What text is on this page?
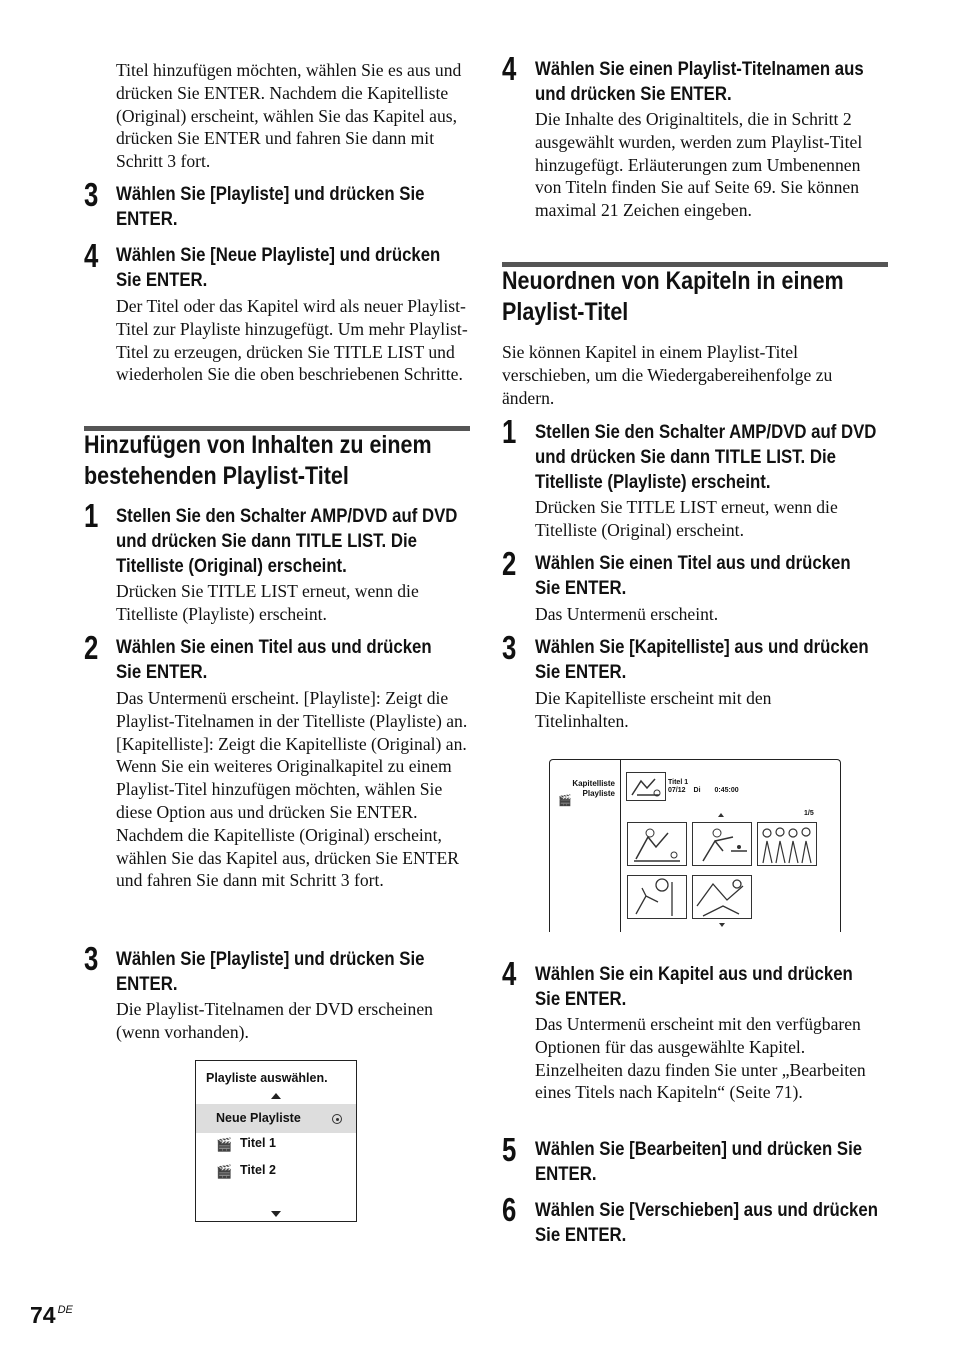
Titel hinzufügen möchten, wählen Sie es aus und drücken Sie ENTER. Nachdem die Kapitelliste (Original) erscheint, wählen Sie das Kapitel aus, drücken Sie ENTER und fahren Sie dann mit Schritt 3 fort.

3 Wählen Sie [Playliste] und drücken Sie
ENTER.
4 Wählen Sie [Neue Playliste] und drücken
Sie ENTER.

Der Titel oder das Kapitel wird als neuer Playlist-Titel zur Playliste hinzugefügt. Um mehr Playlist-Titel zu erzeugen, drücken Sie TITLE LIST und wiederholen Sie die oben beschriebenen Schritte.

Hinzufügen von Inhalten zu einem
bestehenden Playlist-Titel
1 Stellen Sie den Schalter AMP/DVD auf DVD
und drücken Sie dann TITLE LIST. Die
Titelliste (Original) erscheint.

Drücken Sie TITLE LIST erneut, wenn die Titelliste (Playliste) erscheint.

2 Wählen Sie einen Titel aus und drücken
Sie ENTER.

Das Untermenü erscheint. [Playliste]: Zeigt die Playlist-Titelnamen in der Titelliste (Playliste) an. [Kapitelliste]: Zeigt die Kapitelliste (Original) an. Wenn Sie ein weiteres Originalkapitel zu einem Playlist-Titel hinzufügen möchten, wählen Sie diese Option aus und drücken Sie ENTER. Nachdem die Kapitelliste (Original) erscheint, wählen Sie das Kapitel aus, drücken Sie ENTER und fahren Sie dann mit Schritt 3 fort.

3 Wählen Sie [Playliste] und drücken Sie
ENTER.

Die Playlist-Titelnamen der DVD erscheinen (wenn vorhanden).

Playliste auswählen.
Neue Playliste
🎬 Titel 1
🎬 Titel 2
4 Wählen Sie einen Playlist-Titelnamen aus
und drücken Sie ENTER.

Die Inhalte des Originaltitels, die in Schritt 2 ausgewählt wurden, werden zum Playlist-Titel hinzugefügt. Erläuterungen zum Umbenennen von Titeln finden Sie auf Seite 69. Sie können maximal 21 Zeichen eingeben.

Neuordnen von Kapiteln in einem
Playlist-Titel

Sie können Kapitel in einem Playlist-Titel verschieben, um die Wiedergabereihenfolge zu ändern.

1 Stellen Sie den Schalter AMP/DVD auf DVD
und drücken Sie dann TITLE LIST. Die
Titelliste (Playliste) erscheint.

Drücken Sie TITLE LIST erneut, wenn die Titelliste (Original) erscheint.

2 Wählen Sie einen Titel aus und drücken
Sie ENTER.

Das Untermenü erscheint.

3 Wählen Sie [Kapitelliste] aus und drücken
Sie ENTER.

Die Kapitelliste erscheint mit den Titelinhalten.

Kapitelliste
Playliste
🎬
Titel 1
07/12 Di 0:45:00
1/5
4 Wählen Sie ein Kapitel aus und drücken
Sie ENTER.

Das Untermenü erscheint mit den verfügbaren Optionen für das ausgewählte Kapitel. Einzelheiten dazu finden Sie unter „Bearbeiten eines Titels nach Kapiteln“ (Seite 71).

5 Wählen Sie [Bearbeiten] und drücken Sie
ENTER.
6 Wählen Sie [Verschieben] aus und drücken
Sie ENTER.
74 $^{DE}$
